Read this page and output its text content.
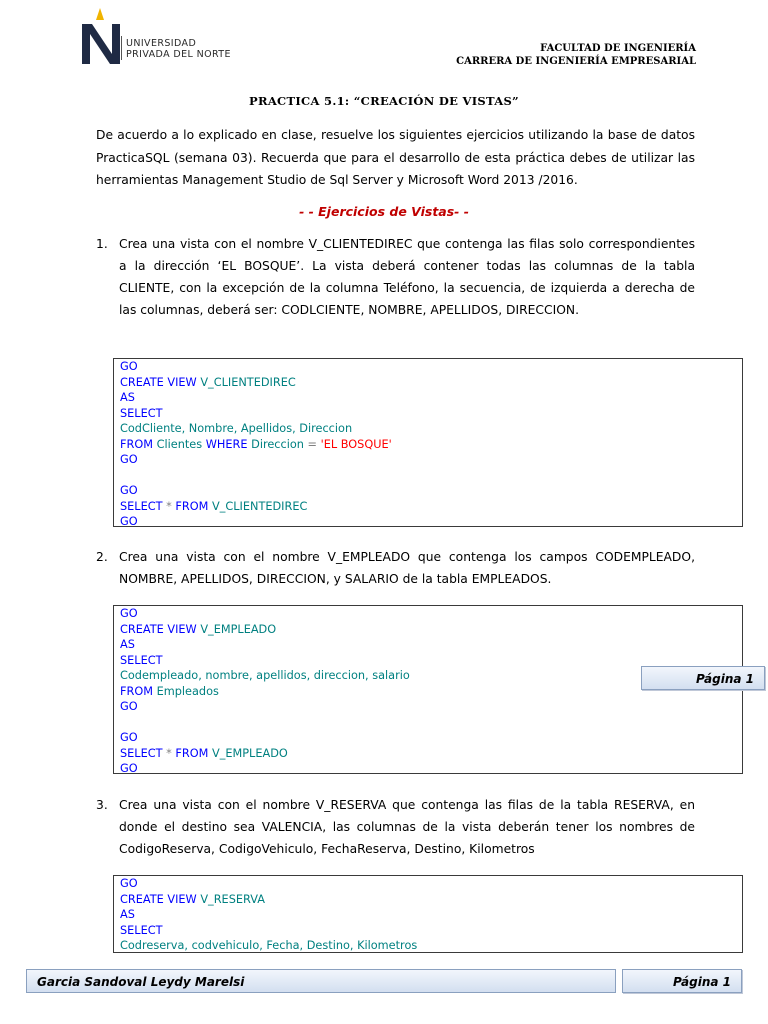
UNIVERSIDAD
PRIVADA DEL NORTE
FACULTAD DE INGENIERÍA
CARRERA DE INGENIERÍA EMPRESARIAL
PRACTICA 5.1: “CREACIÓN DE VISTAS”
De acuerdo a lo explicado en clase, resuelve los siguientes ejercicios utilizando la base de datos PracticaSQL (semana 03). Recuerda que para el desarrollo de esta práctica debes de utilizar las herramientas Management Studio de Sql Server y Microsoft Word 2013 /2016.
- - Ejercicios de Vistas- -
1. Crea una vista con el nombre V_CLIENTEDIREC que contenga las filas solo correspondientes a la dirección ‘EL BOSQUE’. La vista deberá contener todas las columnas de la tabla CLIENTE, con la excepción de la columna Teléfono, la secuencia, de izquierda a derecha de las columnas, deberá ser: CODLCIENTE, NOMBRE, APELLIDOS, DIRECCION.
GO
CREATE VIEW V_CLIENTEDIREC
AS
SELECT
CodCliente, Nombre, Apellidos, Direccion
FROM Clientes WHERE Direccion = 'EL BOSQUE'
GO
GO
SELECT * FROM V_CLIENTEDIREC
GO
2. Crea una vista con el nombre V_EMPLEADO que contenga los campos CODEMPLEADO, NOMBRE, APELLIDOS, DIRECCION, y SALARIO de la tabla EMPLEADOS.
GO
CREATE VIEW V_EMPLEADO
AS
SELECT
Codempleado, nombre, apellidos, direccion, salario
FROM Empleados
GO
GO
SELECT * FROM V_EMPLEADO
GO
Página 1
3. Crea una vista con el nombre V_RESERVA que contenga las filas de la tabla RESERVA, en donde el destino sea VALENCIA, las columnas de la vista deberán tener los nombres de CodigoReserva, CodigoVehiculo, FechaReserva, Destino, Kilometros
GO
CREATE VIEW V_RESERVA
AS
SELECT
Codreserva, codvehiculo, Fecha, Destino, Kilometros
Garcia Sandoval Leydy Marelsi	Página 1
